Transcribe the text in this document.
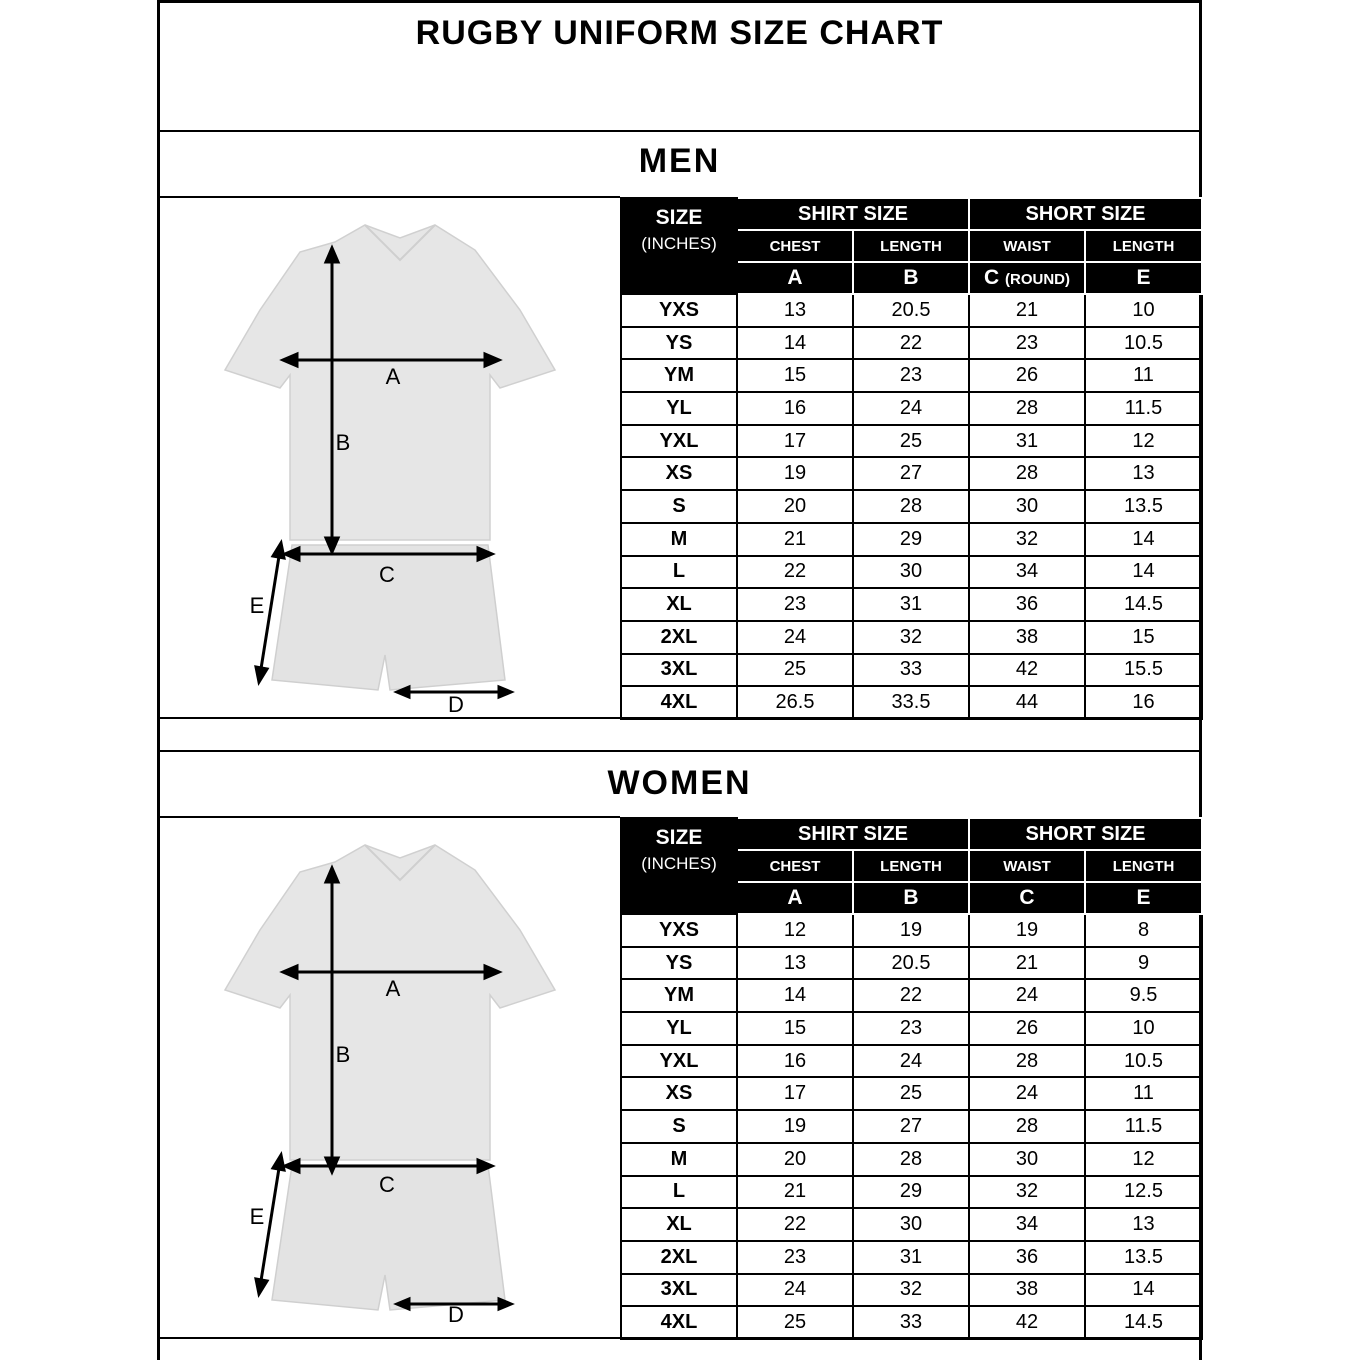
RUGBY UNIFORM SIZE CHART
MEN
A
B
C
E
D
SIZE
(INCHES)	SHIRT SIZE		SHORT SIZE	
	CHEST	LENGTH	WAIST	LENGTH
	A	B	C (ROUND)	E
YXS	13	20.5	21	10
YS	14	22	23	10.5
YM	15	23	26	11
YL	16	24	28	11.5
YXL	17	25	31	12
XS	19	27	28	13
S	20	28	30	13.5
M	21	29	32	14
L	22	30	34	14
XL	23	31	36	14.5
2XL	24	32	38	15
3XL	25	33	42	15.5
4XL	26.5	33.5	44	16
WOMEN
A
B
C
E
D
SIZE
(INCHES)	SHIRT SIZE		SHORT SIZE	
	CHEST	LENGTH	WAIST	LENGTH
	A	B	C	E
YXS	12	19	19	8
YS	13	20.5	21	9
YM	14	22	24	9.5
YL	15	23	26	10
YXL	16	24	28	10.5
XS	17	25	24	11
S	19	27	28	11.5
M	20	28	30	12
L	21	29	32	12.5
XL	22	30	34	13
2XL	23	31	36	13.5
3XL	24	32	38	14
4XL	25	33	42	14.5
